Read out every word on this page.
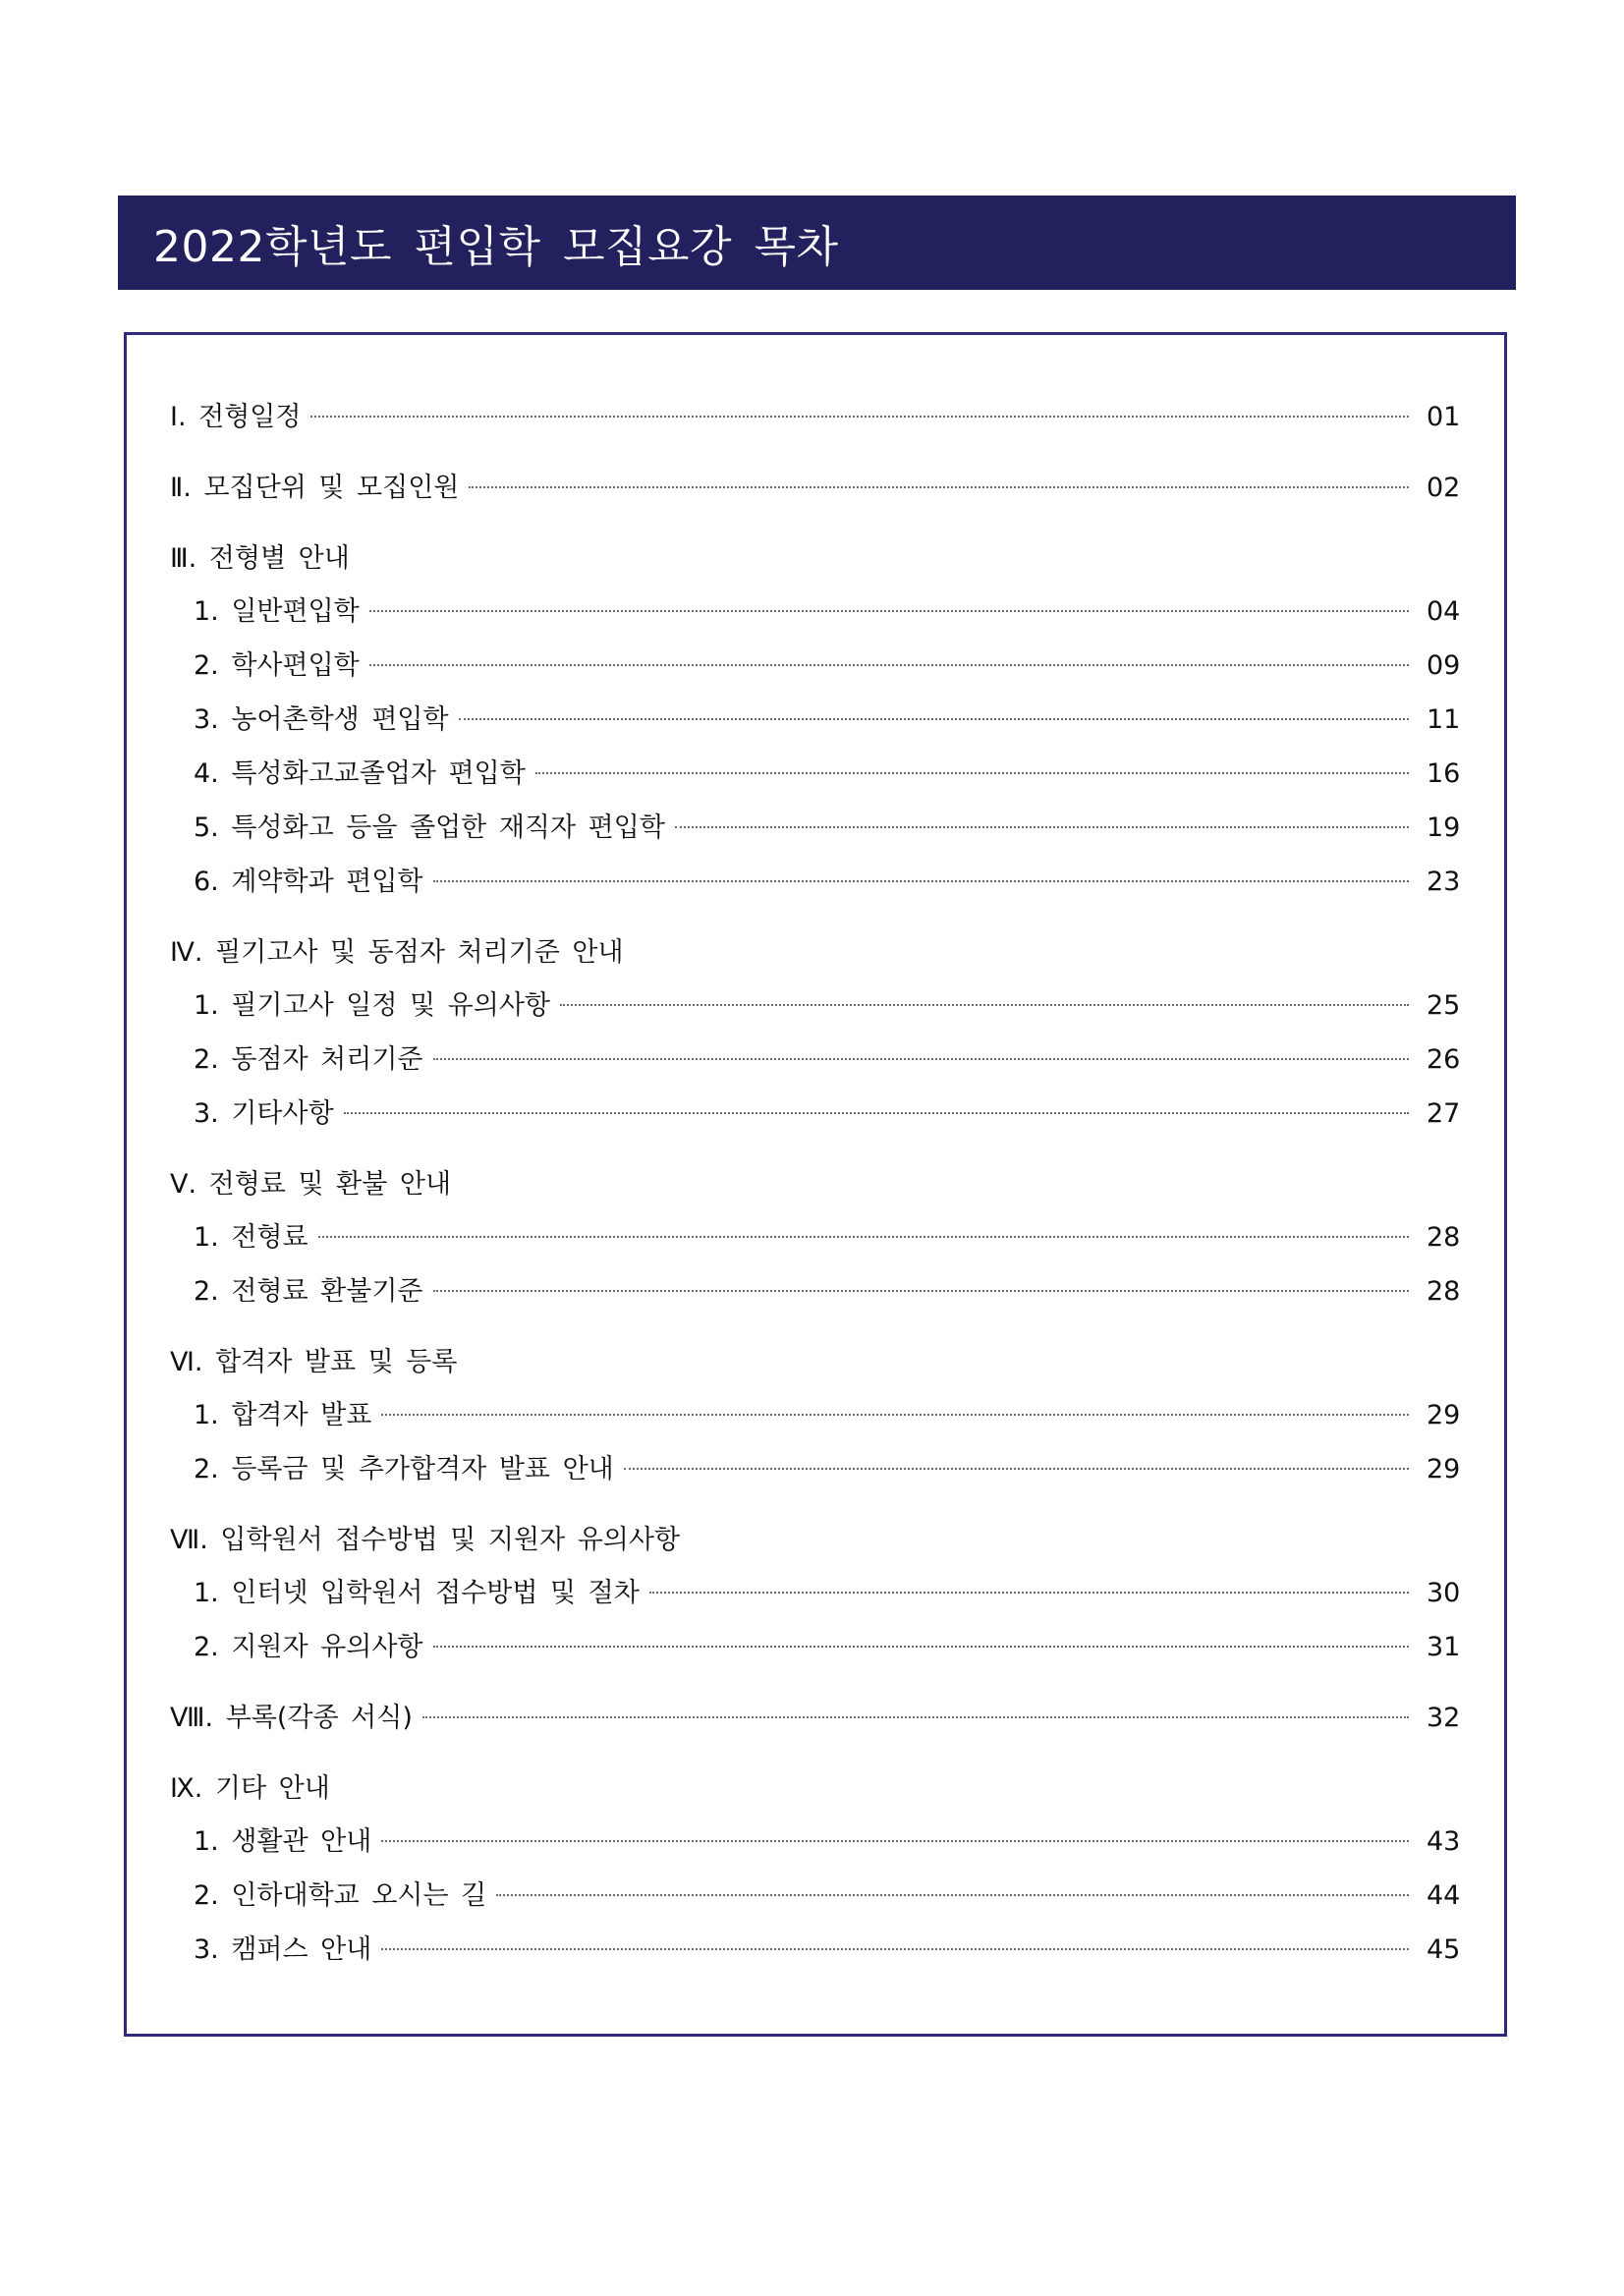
2022학년도 편입학 모집요강 목차
Ⅰ. 전형일정	01
Ⅱ. 모집단위 및 모집인원	02
Ⅲ. 전형별 안내
1. 일반편입학	04
2. 학사편입학	09
3. 농어촌학생 편입학	11
4. 특성화고교졸업자 편입학	16
5. 특성화고 등을 졸업한 재직자 편입학	19
6. 계약학과 편입학	23
Ⅳ. 필기고사 및 동점자 처리기준 안내
1. 필기고사 일정 및 유의사항	25
2. 동점자 처리기준	26
3. 기타사항	27
Ⅴ. 전형료 및 환불 안내
1. 전형료	28
2. 전형료 환불기준	28
Ⅵ. 합격자 발표 및 등록
1. 합격자 발표	29
2. 등록금 및 추가합격자 발표 안내	29
Ⅶ. 입학원서 접수방법 및 지원자 유의사항
1. 인터넷 입학원서 접수방법 및 절차	30
2. 지원자 유의사항	31
Ⅷ. 부록(각종 서식)	32
Ⅸ. 기타 안내
1. 생활관 안내	43
2. 인하대학교 오시는 길	44
3. 캠퍼스 안내	45
